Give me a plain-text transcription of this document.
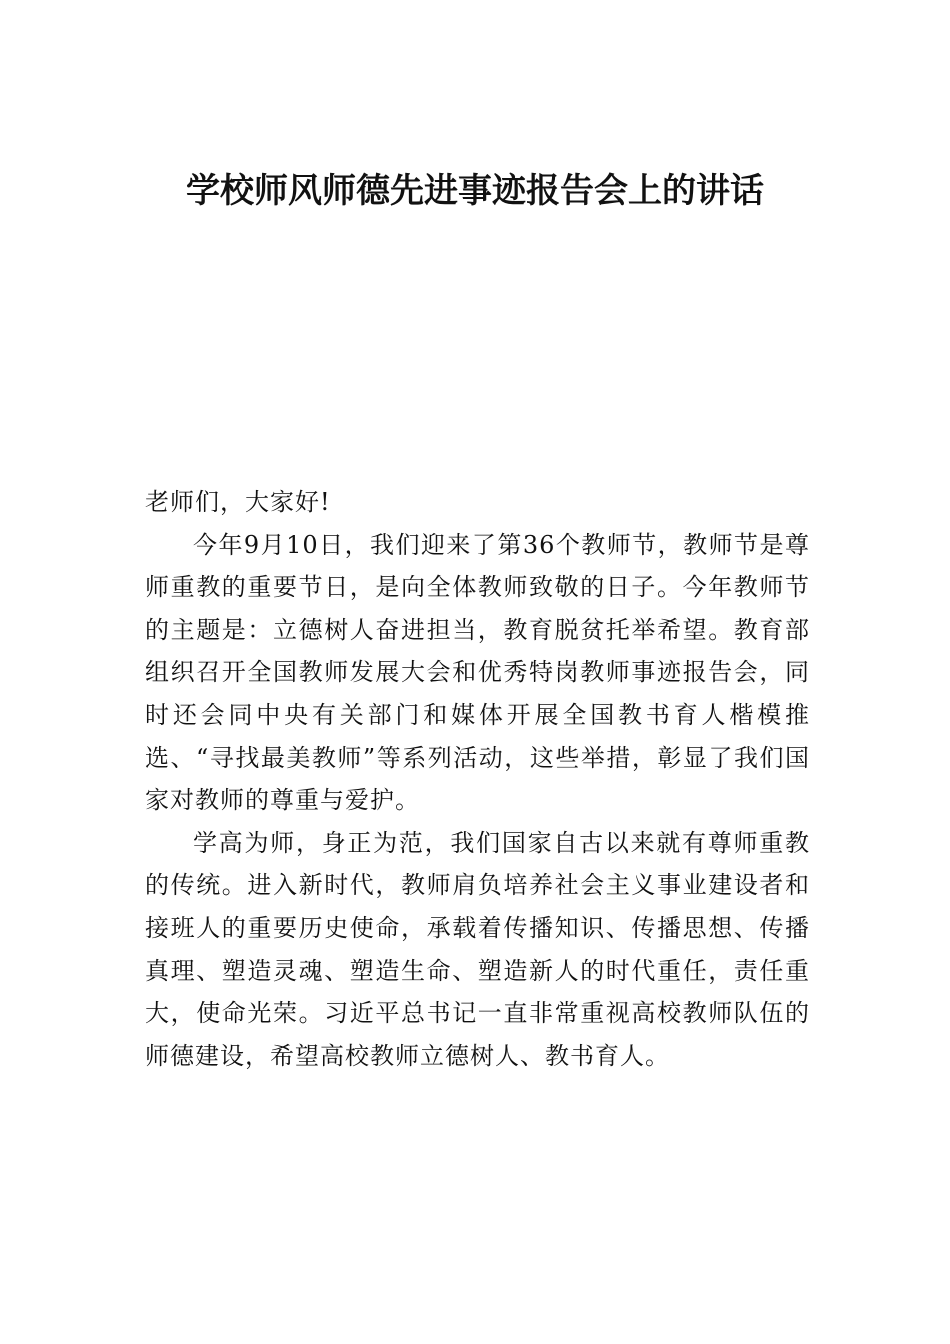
学校师风师德先进事迹报告会上的讲话

老师们，大家好!

今年9月10日，我们迎来了第36个教师节，教师节是尊师重教的重要节日，是向全体教师致敬的日子。今年教师节的主题是：立德树人奋进担当，教育脱贫托举希望。教育部组织召开全国教师发展大会和优秀特岗教师事迹报告会，同时还会同中央有关部门和媒体开展全国教书育人楷模推选、“寻找最美教师”等系列活动，这些举措，彰显了我们国家对教师的尊重与爱护。

学高为师，身正为范，我们国家自古以来就有尊师重教的传统。进入新时代，教师肩负培养社会主义事业建设者和接班人的重要历史使命，承载着传播知识、传播思想、传播真理、塑造灵魂、塑造生命、塑造新人的时代重任，责任重大，使命光荣。习近平总书记一直非常重视高校教师队伍的师德建设，希望高校教师立德树人、教书育人。
